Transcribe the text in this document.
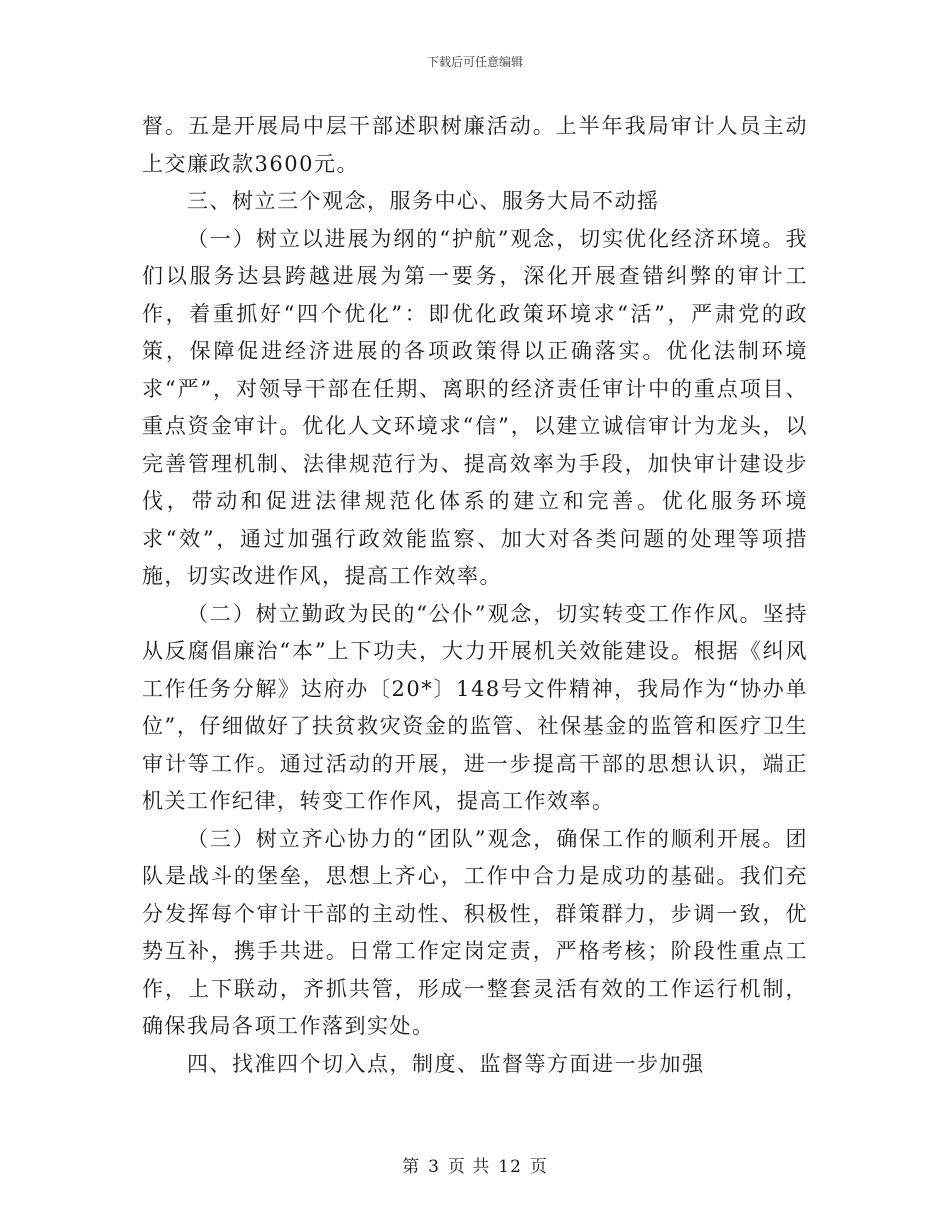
下载后可任意编辑

督。五是开展局中层干部述职树廉活动。上半年我局审计人员主动上交廉政款3600元。

三、树立三个观念，服务中心、服务大局不动摇

（一）树立以进展为纲的“护航”观念，切实优化经济环境。我们以服务达县跨越进展为第一要务，深化开展查错纠弊的审计工作，着重抓好“四个优化”：即优化政策环境求“活”，严肃党的政策，保障促进经济进展的各项政策得以正确落实。优化法制环境求“严”，对领导干部在任期、离职的经济责任审计中的重点项目、重点资金审计。优化人文环境求“信”，以建立诚信审计为龙头，以完善管理机制、法律规范行为、提高效率为手段，加快审计建设步伐，带动和促进法律规范化体系的建立和完善。优化服务环境求“效”，通过加强行政效能监察、加大对各类问题的处理等项措施，切实改进作风，提高工作效率。

（二）树立勤政为民的“公仆”观念，切实转变工作作风。坚持从反腐倡廉治“本”上下功夫，大力开展机关效能建设。根据《纠风工作任务分解》达府办〔20*〕148号文件精神，我局作为“协办单位”，仔细做好了扶贫救灾资金的监管、社保基金的监管和医疗卫生审计等工作。通过活动的开展，进一步提高干部的思想认识，端正机关工作纪律，转变工作作风，提高工作效率。

（三）树立齐心协力的“团队”观念，确保工作的顺利开展。团队是战斗的堡垒，思想上齐心，工作中合力是成功的基础。我们充分发挥每个审计干部的主动性、积极性，群策群力，步调一致，优势互补，携手共进。日常工作定岗定责，严格考核；阶段性重点工作，上下联动，齐抓共管，形成一整套灵活有效的工作运行机制，确保我局各项工作落到实处。

四、找准四个切入点，制度、监督等方面进一步加强

第 3 页 共 12 页
